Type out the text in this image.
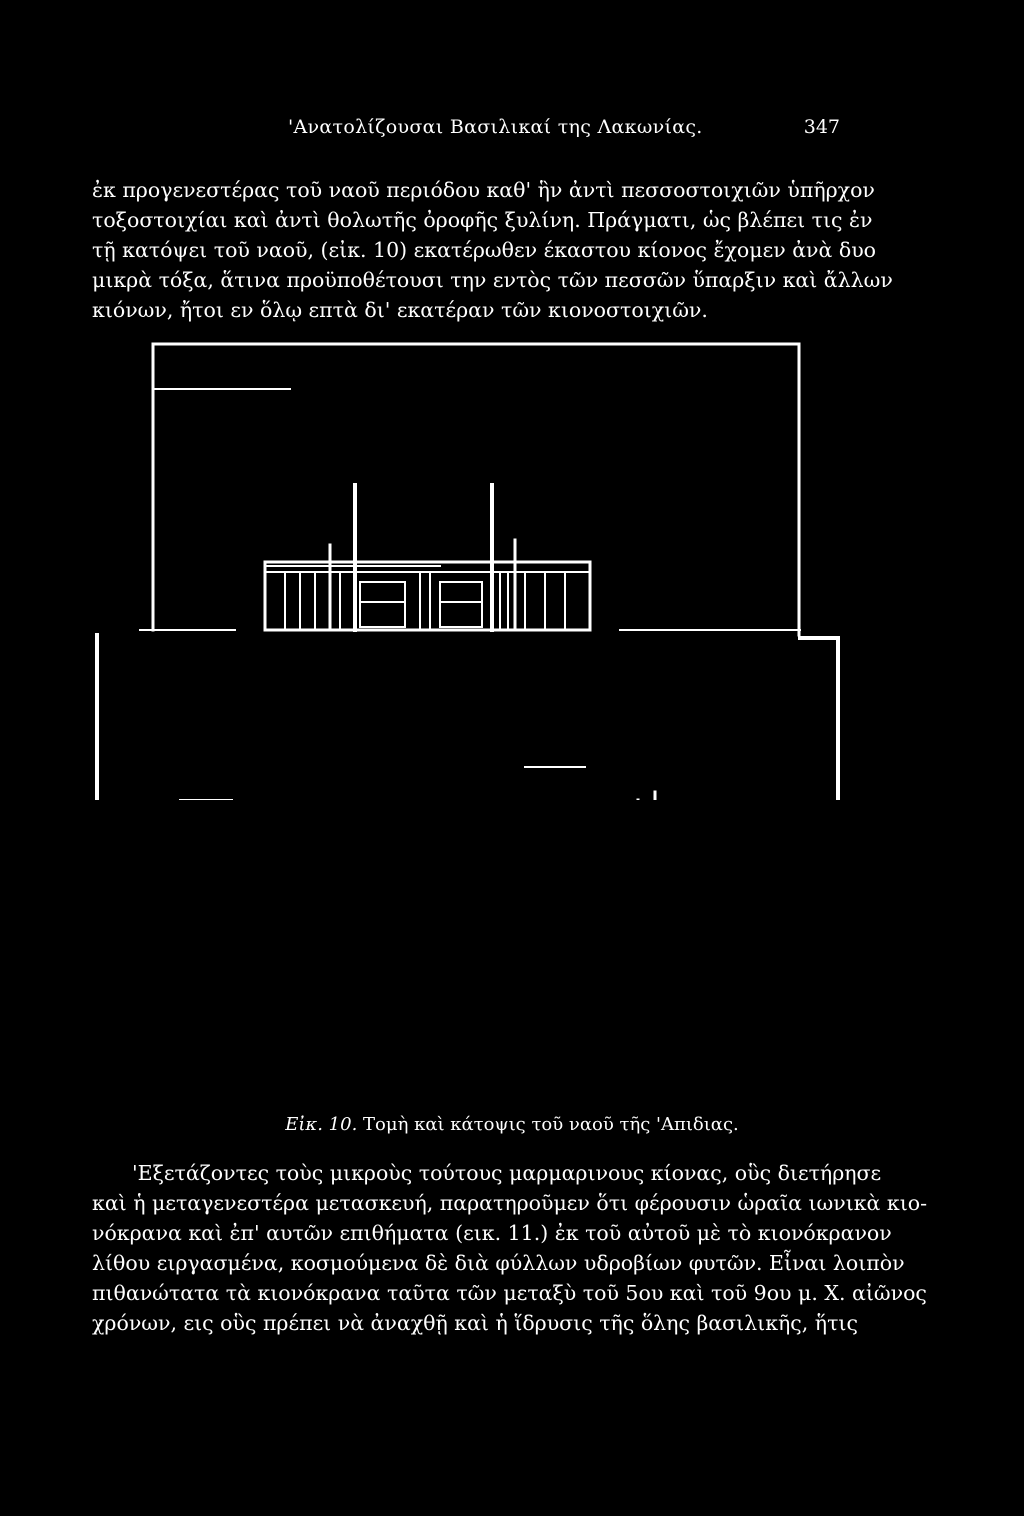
'Ανατολίζουσαι Βασιλικαί της Λακωνίας.	347
ἐκ προγενεστέρας τοῦ ναοῦ περιόδου καθ' ἣν ἀντὶ πεσσοστοιχιῶν ὑπῆρχον
τοξοστοιχίαι καὶ ἀντὶ θολωτῆς ὀροφῆς ξυλίνη. Πράγματι, ὡς βλέπει τις ἐν
τῇ κατόψει τοῦ ναοῦ, (εἰκ. 10) εκατέρωθεν έκαστου κίονος ἔχομεν ἀνὰ δυο
μικρὰ τόξα, ἅτινα προϋποθέτουσι την εντὸς τῶν πεσσῶν ὕπαρξιν καὶ ἄλλων
κιόνων, ἤτοι εν ὅλῳ επτὰ δι' εκατέραν τῶν κιονοστοιχιῶν.
Εἰκ. 10. Τομὴ καὶ κάτοψις τοῦ ναοῦ τῆς 'Απιδιας.
'Εξετάζοντες τοὺς μικροὺς τούτους μαρμαρινους κίονας, οὓς διετήρησε
καὶ ἡ μεταγενεστέρα μετασκευή, παρατηροῦμεν ὅτι φέρουσιν ὡραῖα ιωνικὰ κιο-
νόκρανα καὶ ἐπ' αυτῶν επιθήματα (εικ. 11.) ἐκ τοῦ αὐτοῦ μὲ τὸ κιονόκρανον
λίθου ειργασμένα, κοσμούμενα δὲ διὰ φύλλων υδροβίων φυτῶν. Εἶναι λοιπὸν
πιθανώτατα τὰ κιονόκρανα ταῦτα τῶν μεταξὺ τοῦ 5ου καὶ τοῦ 9ου μ. Χ. αἰῶνος
χρόνων, εις οὓς πρέπει νὰ ἀναχθῇ καὶ ἡ ἵδρυσις τῆς ὅλης βασιλικῆς, ἥτις
